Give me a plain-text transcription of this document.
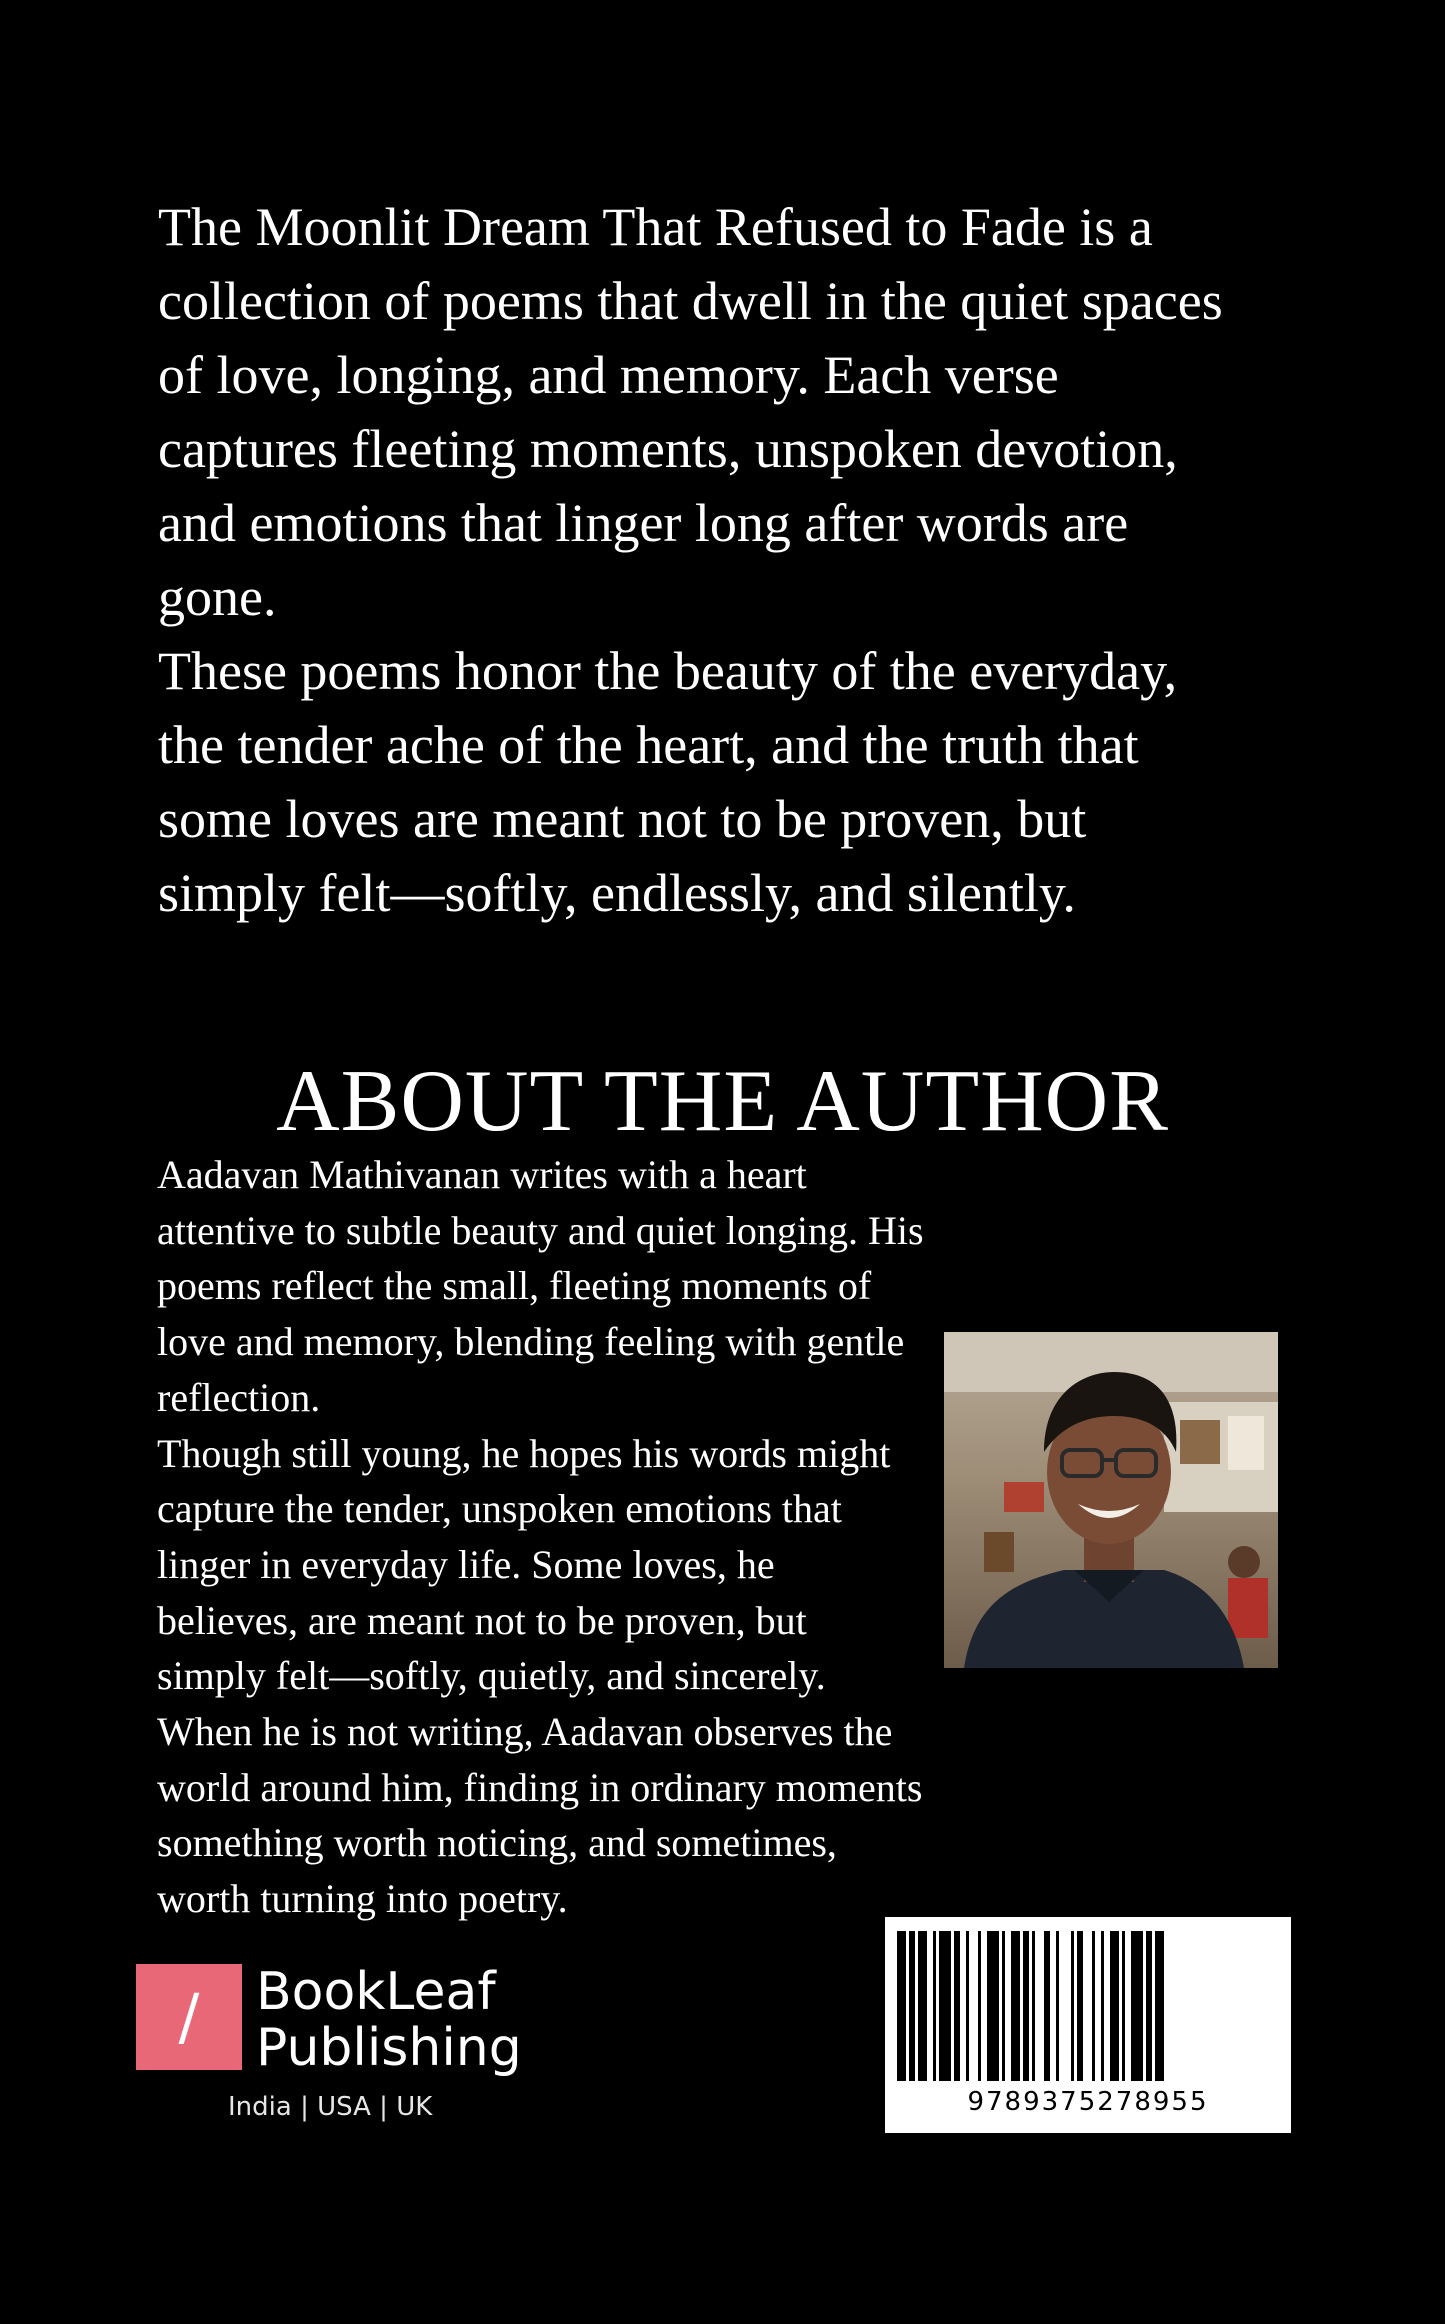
The Moonlit Dream That Refused to Fade is a

collection of poems that dwell in the quiet spaces

of love, longing, and memory. Each verse

captures fleeting moments, unspoken devotion,

and emotions that linger long after words are

gone.

These poems honor the beauty of the everyday,

the tender ache of the heart, and the truth that

some loves are meant not to be proven, but

simply felt—softly, endlessly, and silently.

ABOUT THE AUTHOR

Aadavan Mathivanan writes with a heart

attentive to subtle beauty and quiet longing. His

poems reflect the small, fleeting moments of

love and memory, blending feeling with gentle

reflection.

Though still young, he hopes his words might

capture the tender, unspoken emotions that

linger in everyday life. Some loves, he

believes, are meant not to be proven, but

simply felt—softly, quietly, and sincerely.

When he is not writing, Aadavan observes the

world around him, finding in ordinary moments

something worth noticing, and sometimes,

worth turning into poetry.

/	BookLeaf
Publishing
India | USA | UK	9789375278955
